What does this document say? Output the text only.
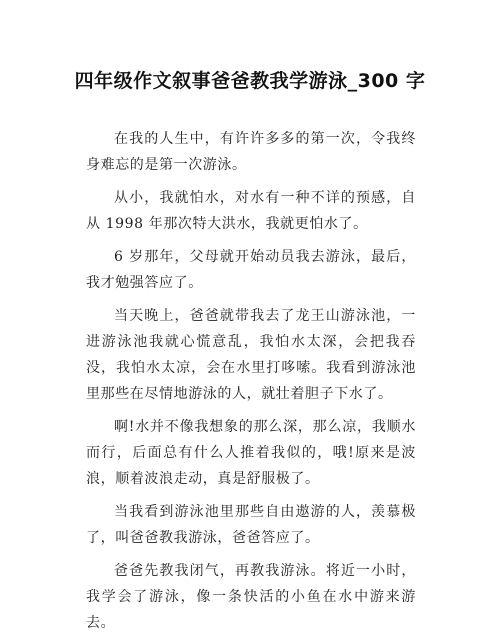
四年级作文叙事爸爸教我学游泳_300 字

在我的人生中，有许许多多的第一次，令我终身难忘的是第一次游泳。

从小，我就怕水，对水有一种不详的预感，自从 1998 年那次特大洪水，我就更怕水了。

6 岁那年，父母就开始动员我去游泳，最后，我才勉强答应了。

当天晚上，爸爸就带我去了龙王山游泳池，一进游泳池我就心慌意乱，我怕水太深，会把我吞没，我怕水太凉，会在水里打哆嗦。我看到游泳池里那些在尽情地游泳的人，就壮着胆子下水了。

啊!水并不像我想象的那么深，那么凉，我顺水而行，后面总有什么人推着我似的，哦!原来是波浪，顺着波浪走动，真是舒服极了。

当我看到游泳池里那些自由遨游的人，羡慕极了，叫爸爸教我游泳，爸爸答应了。

爸爸先教我闭气，再教我游泳。将近一小时，我学会了游泳，像一条快活的小鱼在水中游来游去。
